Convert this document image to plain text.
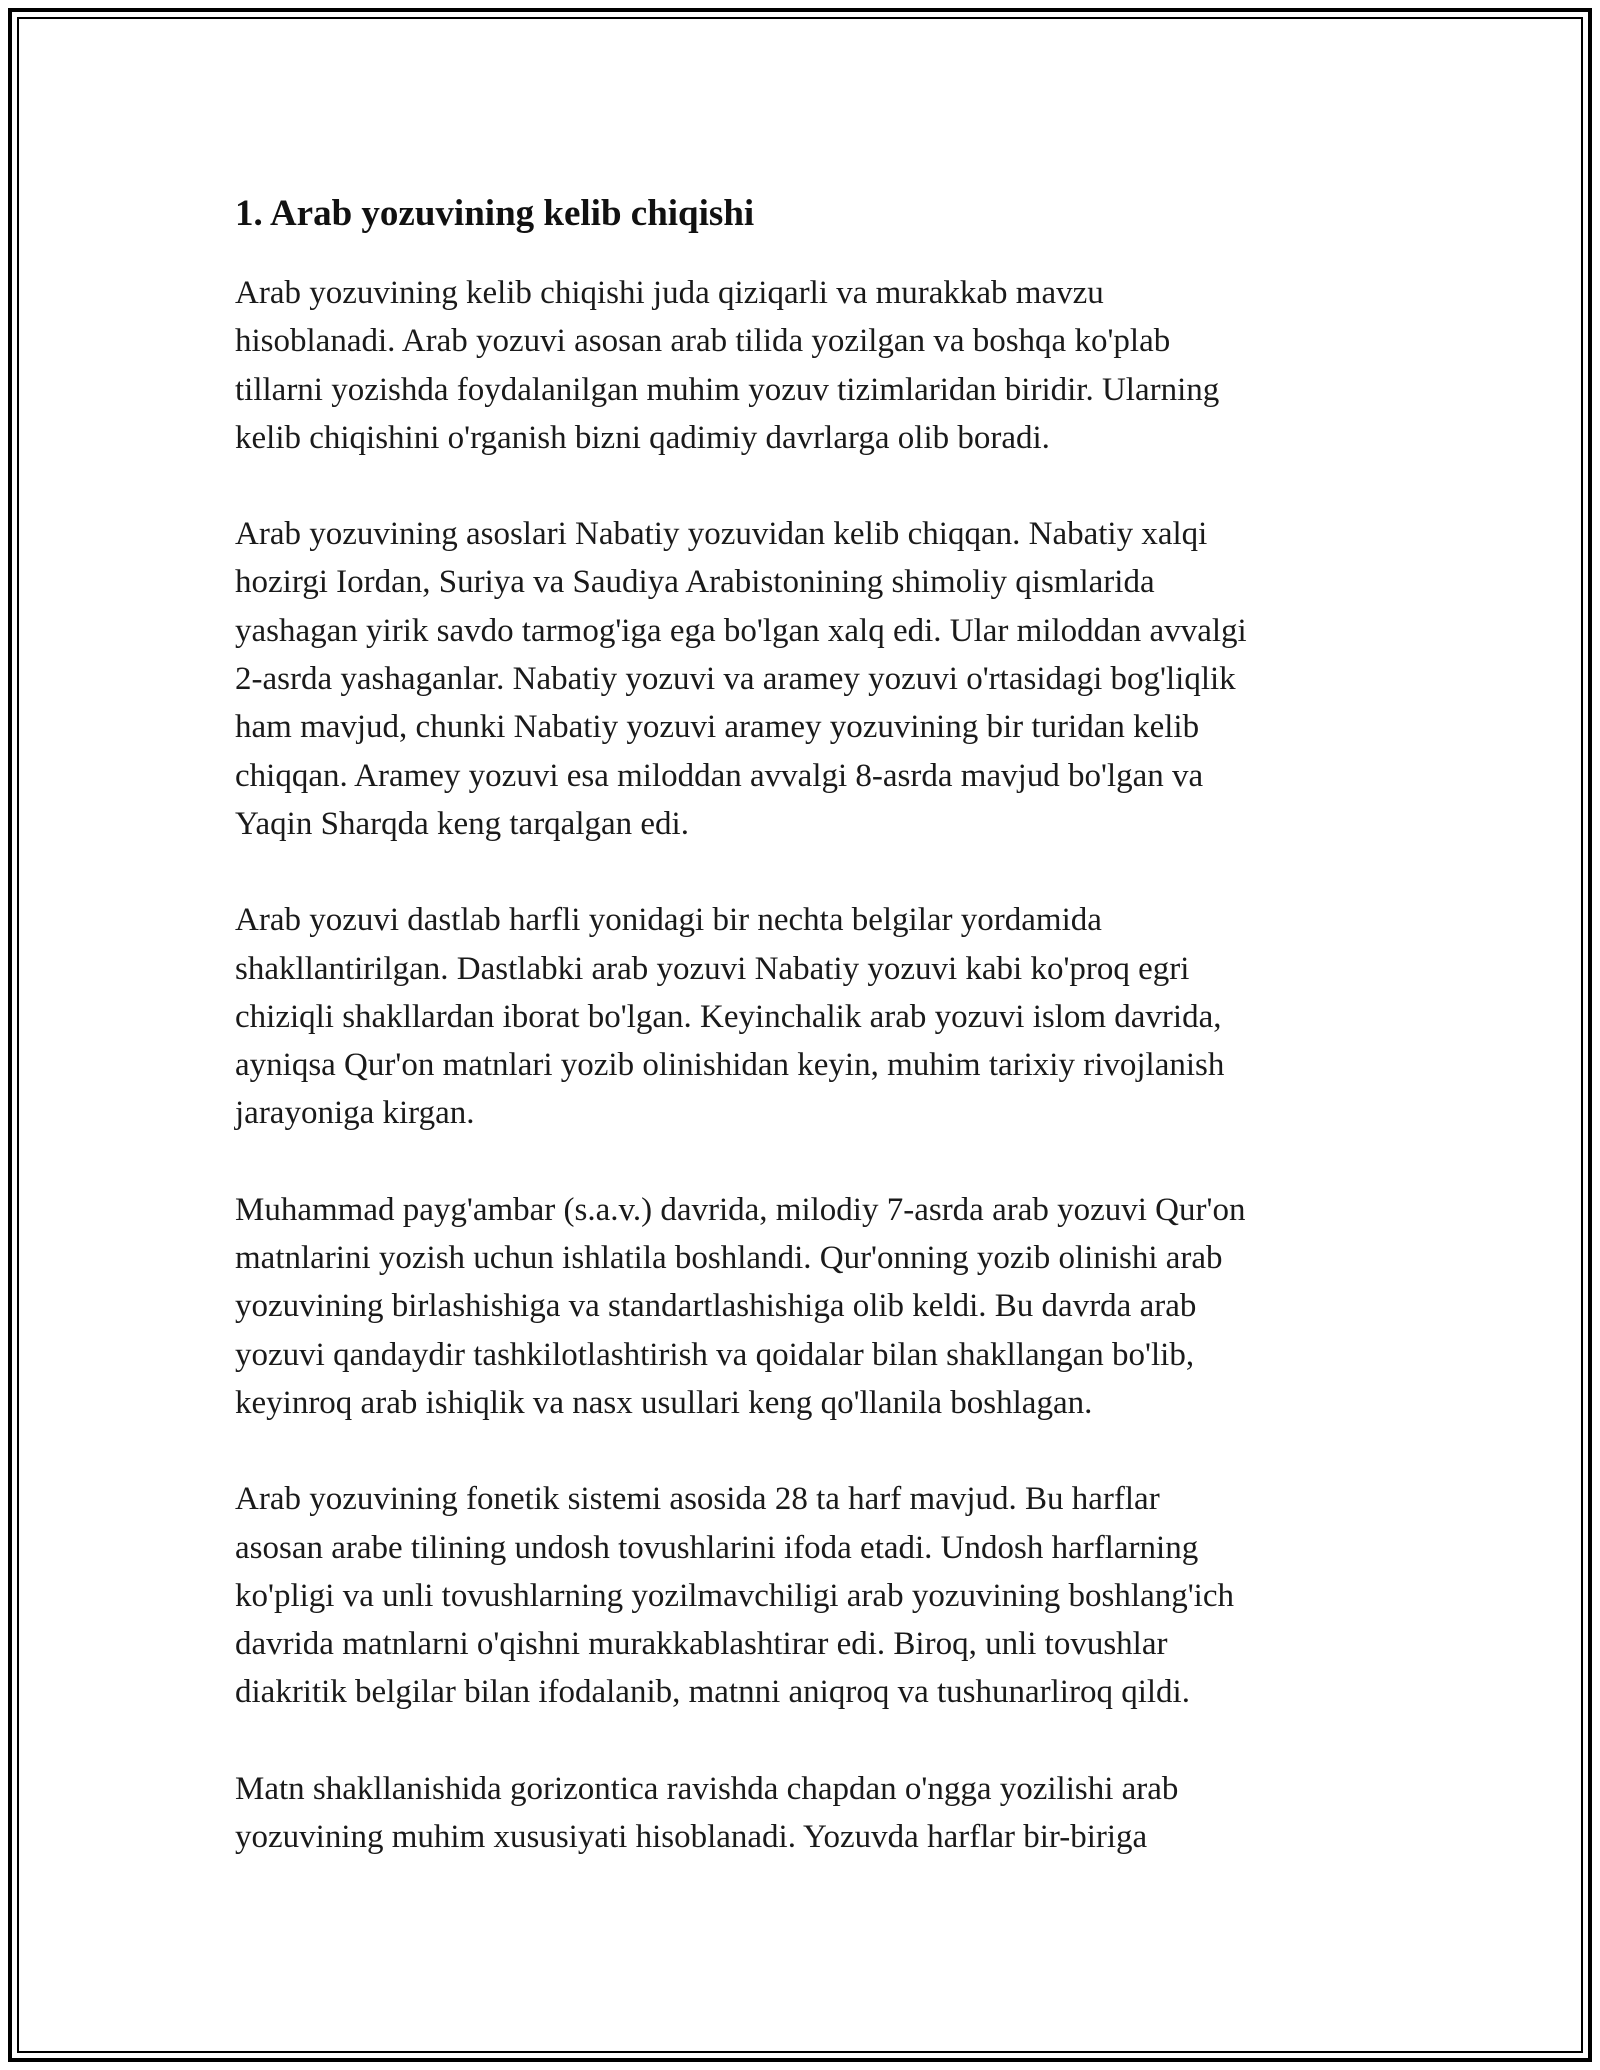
1. Arab yozuvining kelib chiqishi

Arab yozuvining kelib chiqishi juda qiziqarli va murakkab mavzu
hisoblanadi. Arab yozuvi asosan arab tilida yozilgan va boshqa ko'plab
tillarni yozishda foydalanilgan muhim yozuv tizimlaridan biridir. Ularning
kelib chiqishini o'rganish bizni qadimiy davrlarga olib boradi.

Arab yozuvining asoslari Nabatiy yozuvidan kelib chiqqan. Nabatiy xalqi
hozirgi Iordan, Suriya va Saudiya Arabistonining shimoliy qismlarida
yashagan yirik savdo tarmog'iga ega bo'lgan xalq edi. Ular miloddan avvalgi
2-asrda yashaganlar. Nabatiy yozuvi va aramey yozuvi o'rtasidagi bog'liqlik
ham mavjud, chunki Nabatiy yozuvi aramey yozuvining bir turidan kelib
chiqqan. Aramey yozuvi esa miloddan avvalgi 8-asrda mavjud bo'lgan va
Yaqin Sharqda keng tarqalgan edi.

Arab yozuvi dastlab harfli yonidagi bir nechta belgilar yordamida
shakllantirilgan. Dastlabki arab yozuvi Nabatiy yozuvi kabi ko'proq egri
chiziqli shakllardan iborat bo'lgan. Keyinchalik arab yozuvi islom davrida,
ayniqsa Qur'on matnlari yozib olinishidan keyin, muhim tarixiy rivojlanish
jarayoniga kirgan.

Muhammad payg'ambar (s.a.v.) davrida, milodiy 7-asrda arab yozuvi Qur'on
matnlarini yozish uchun ishlatila boshlandi. Qur'onning yozib olinishi arab
yozuvining birlashishiga va standartlashishiga olib keldi. Bu davrda arab
yozuvi qandaydir tashkilotlashtirish va qoidalar bilan shakllangan bo'lib,
keyinroq arab ishiqlik va nasx usullari keng qo'llanila boshlagan.

Arab yozuvining fonetik sistemi asosida 28 ta harf mavjud. Bu harflar
asosan arabe tilining undosh tovushlarini ifoda etadi. Undosh harflarning
ko'pligi va unli tovushlarning yozilmavchiligi arab yozuvining boshlang'ich
davrida matnlarni o'qishni murakkablashtirar edi. Biroq, unli tovushlar
diakritik belgilar bilan ifodalanib, matnni aniqroq va tushunarliroq qildi.

Matn shakllanishida gorizontica ravishda chapdan o'ngga yozilishi arab
yozuvining muhim xususiyati hisoblanadi. Yozuvda harflar bir-biriga
